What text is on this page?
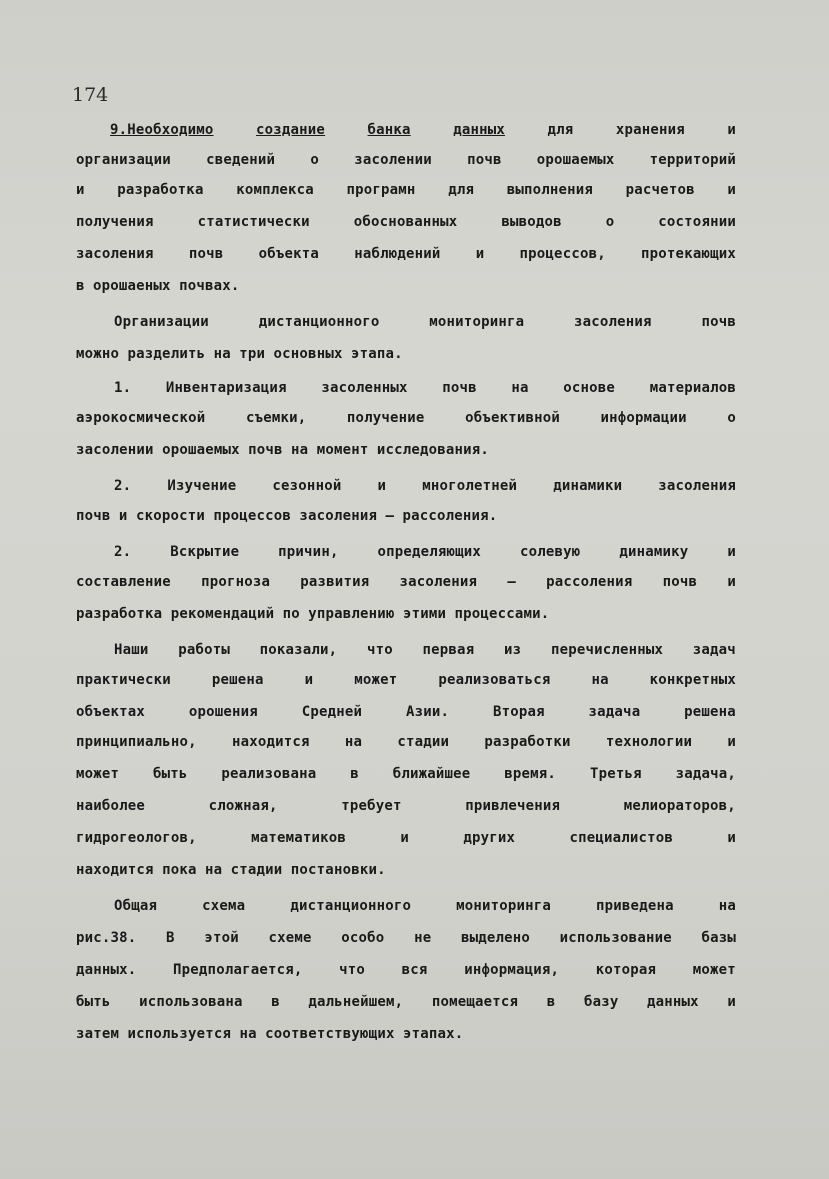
174
9.Необходимо	создание	банка	данных	для	хранения	и
организации	сведений	о	засолении	почв	орошаемых	территорий
и разработка комплекса програмн для выполнения расчетов и
получения	статистически	обоснованных	выводов	о	состоянии
засоления	почв	объекта	наблюдений	и	процессов,	протекающих
в орошаеных почвах.
Организации	дистанционного	мониторинга	засоления	почв
можно разделить на три основных этапа.
1. Инвентаризация засоленных почв на основе материалов
аэрокосмической	съемки,	получение	объективной	информации	о
засолении орошаемых почв на момент исследования.
2.	Изучение	сезонной	и	многолетней	динамики	засоления
почв и скорости процессов засоления – рассоления.
2.	Вскрытие	причин,	определяющих	солевую	динамику	и
составление прогноза развития засоления – рассоления почв и
разработка рекомендаций по управлению этими процессами.
Наши работы показали, что первая из перечисленных задач
практически	решена	и	может	реализоваться	на	конкретных
объектах	орошения	Средней	Азии.	Вторая	задача	решена
принципиально,	находится	на	стадии	разработки	технологии	и
может быть реализована в ближайшее время. Третья задача,
наиболее	сложная,	требует	привлечения	мелиораторов,
гидрогеологов,	математиков	и	других	специалистов	и
находится пока на стадии постановки.
Общая	схема	дистанционного	мониторинга	приведена	на
рис.38. В этой схеме особо не выделено использование базы
данных.	Предполагается,	что	вся	информация,	которая	может
быть использована в дальнейшем, помещается в базу данных и
затем используется на соответствующих этапах.
